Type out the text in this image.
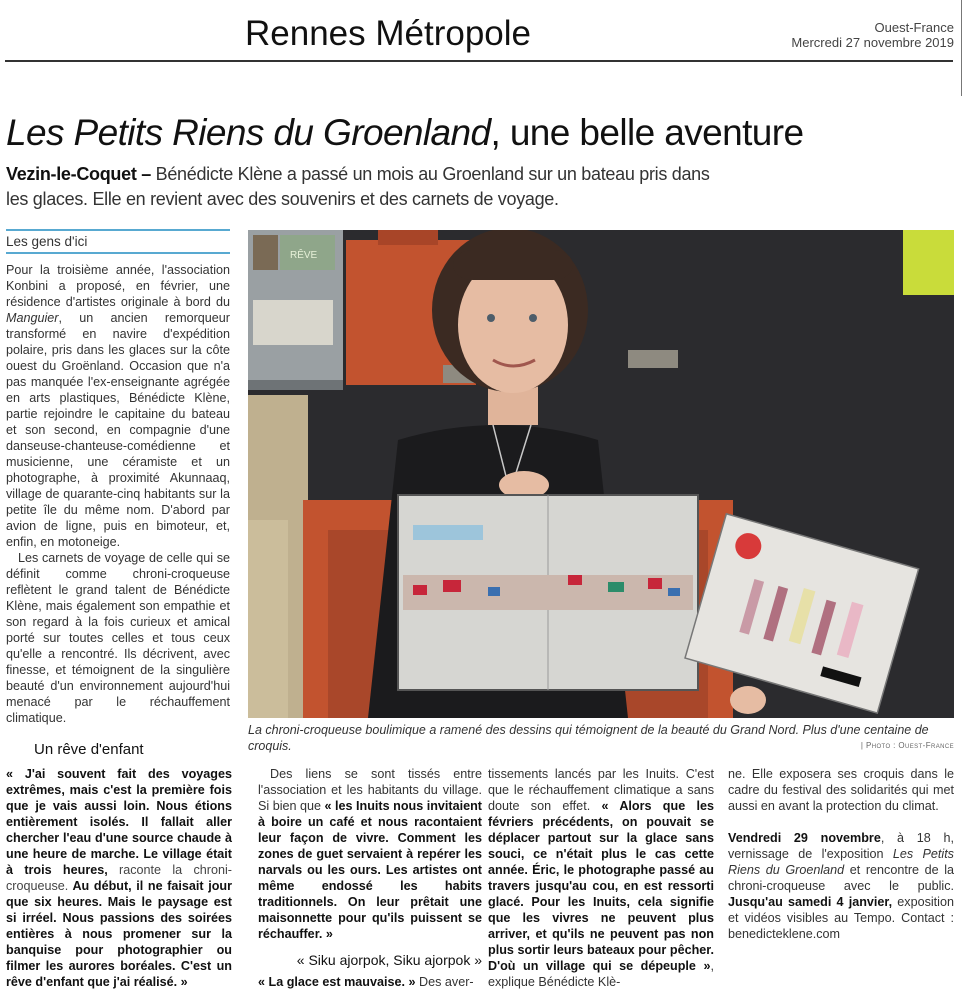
Rennes Métropole	Ouest-France
Mercredi 27 novembre 2019
Les Petits Riens du Groenland, une belle aventure
Vezin-le-Coquet – Bénédicte Klène a passé un mois au Groenland sur un bateau pris dans les glaces. Elle en revient avec des souvenirs et des carnets de voyage.
Les gens d'ici

Pour la troisième année, l'association Konbini a proposé, en février, une résidence d'artistes originale à bord du Manguier, un ancien remorqueur transformé en navire d'expédition polaire, pris dans les glaces sur la côte ouest du Groënland. Occasion que n'a pas manquée l'ex-enseignante agrégée en arts plastiques, Bénédicte Klène, partie rejoindre le capitaine du bateau et son second, en compagnie d'une danseuse-chanteuse-comédienne et musicienne, une céramiste et un photographe, à proximité Akunnaaq, village de quarante-cinq habitants sur la petite île du même nom. D'abord par avion de ligne, puis en bimoteur, et, enfin, en motoneige.

Les carnets de voyage de celle qui se définit comme chroni-croqueuse reflètent le grand talent de Bénédicte Klène, mais également son empathie et son regard à la fois curieux et amical porté sur toutes celles et tous ceux qu'elle a rencontré. Ils décrivent, avec finesse, et témoignent de la singulière beauté d'un environnement aujourd'hui menacé par le réchauffement climatique.

Un rêve d'enfant

« J'ai souvent fait des voyages extrêmes, mais c'est la première fois que je vais aussi loin. Nous étions entièrement isolés. Il fallait aller chercher l'eau d'une source chaude à une heure de marche. Le village était à trois heures, raconte la chroni-croqueuse. Au début, il ne faisait jour que six heures. Mais le paysage est si irréel. Nous passions des soirées entières à nous promener sur la banquise pour photographier ou filmer les aurores boréales. C'est un rêve d'enfant que j'ai réalisé. »

RÊVE
La chroni-croqueuse boulimique a ramené des dessins qui témoignent de la beauté du Grand Nord. Plus d'une centaine de croquis.	| Photo : Ouest-France

Des liens se sont tissés entre l'association et les habitants du village. Si bien que « les Inuits nous invitaient à boire un café et nous racontaient leur façon de vivre. Comment les zones de guet servaient à repérer les narvals ou les ours. Les artistes ont même endossé les habits traditionnels. On leur prêtait une maisonnette pour qu'ils puissent se réchauffer. »

« Siku ajorpok, Siku ajorpok »

« La glace est mauvaise. » Des aver-

tissements lancés par les Inuits. C'est que le réchauffement climatique a sans doute son effet. « Alors que les févriers précédents, on pouvait se déplacer partout sur la glace sans souci, ce n'était plus le cas cette année. Éric, le photographe passé au travers jusqu'au cou, en est ressorti glacé. Pour les Inuits, cela signifie que les vivres ne peuvent plus arriver, et qu'ils ne peuvent pas non plus sortir leurs bateaux pour pêcher. D'où un village qui se dépeuple », explique Bénédicte Klè-

ne. Elle exposera ses croquis dans le cadre du festival des solidarités qui met aussi en avant la protection du climat.

Vendredi 29 novembre, à 18 h, vernissage de l'exposition Les Petits Riens du Groenland et rencontre de la chroni-croqueuse avec le public. Jusqu'au samedi 4 janvier, exposition et vidéos visibles au Tempo. Contact : benedicteklene.com
